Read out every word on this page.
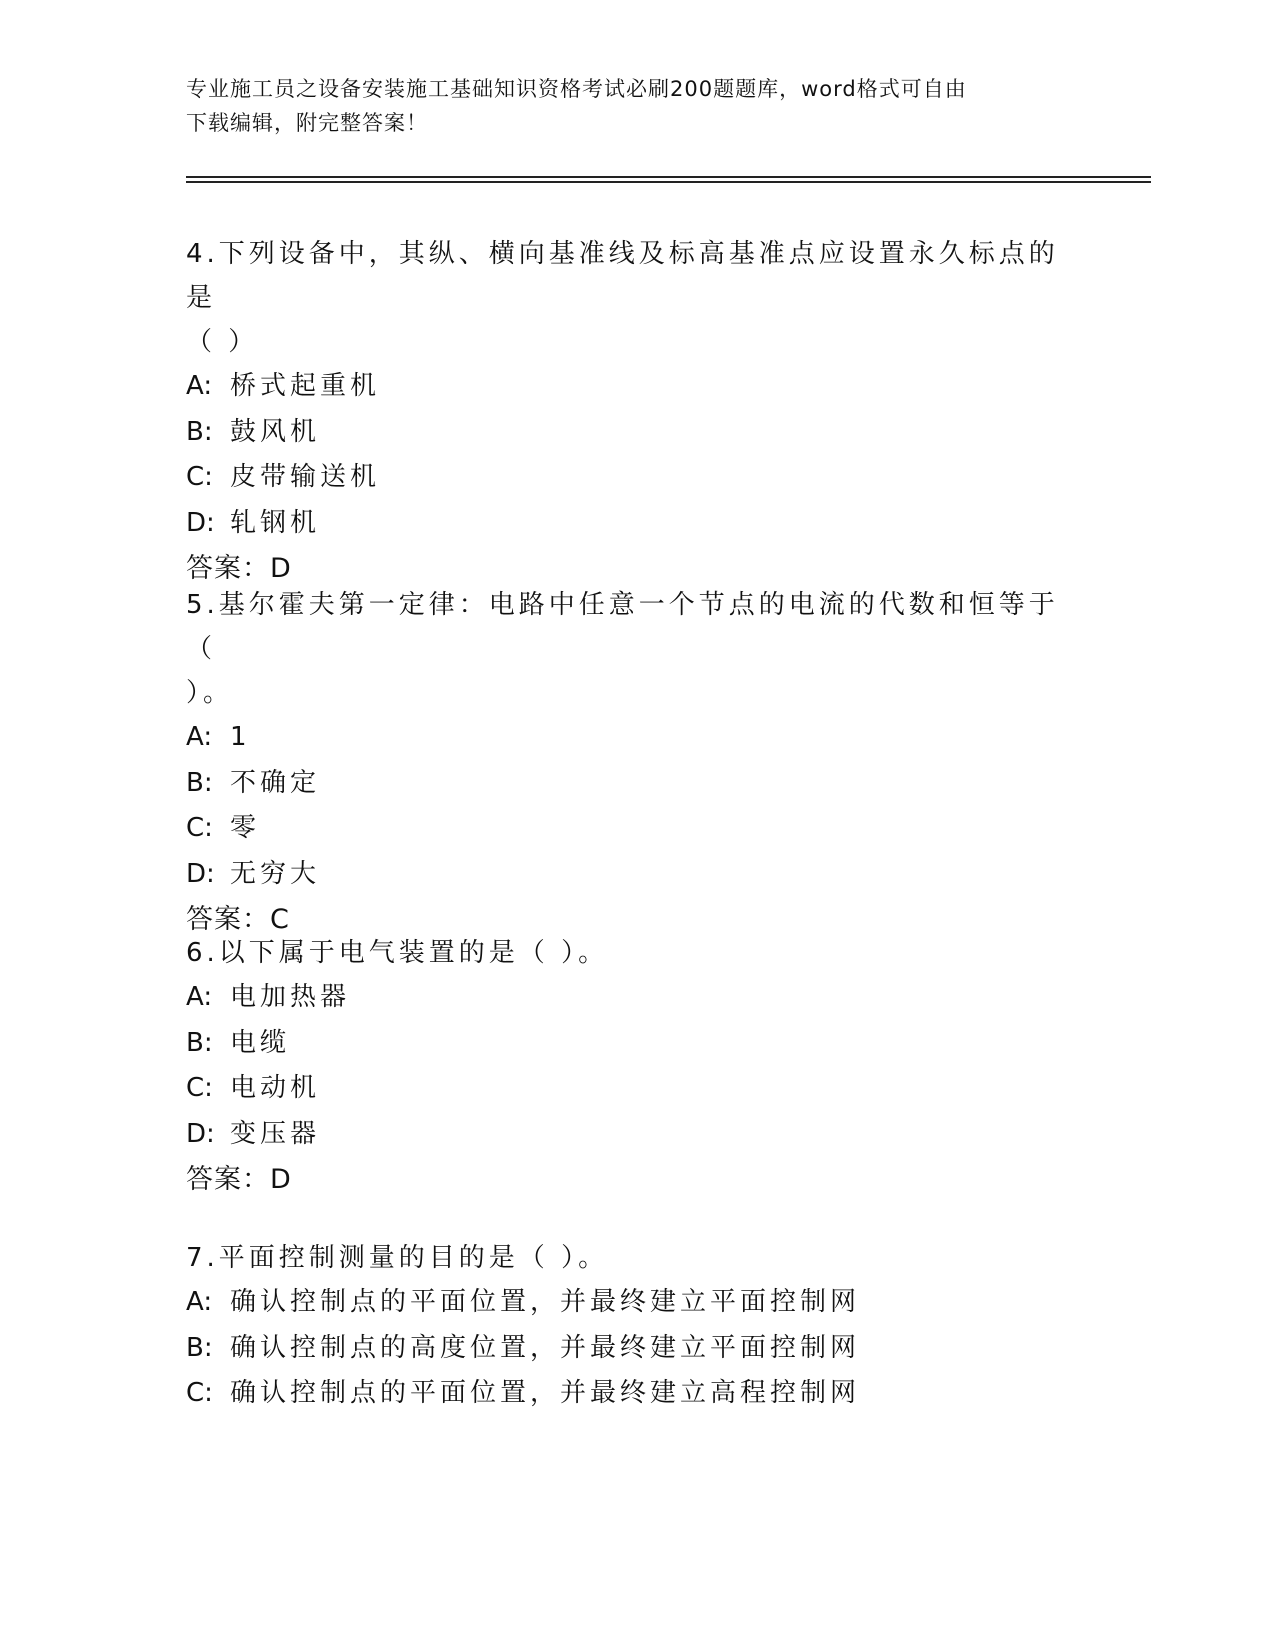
专业施工员之设备安装施工基础知识资格考试必刷200题题库，word格式可自由
下载编辑，附完整答案！
4.下列设备中，其纵、横向基准线及标高基准点应设置永久标点的是
（ ）
A: 桥式起重机
B: 鼓风机
C: 皮带输送机
D: 轧钢机
答案：D
5.基尔霍夫第一定律：电路中任意一个节点的电流的代数和恒等于（
）。
A: 1
B: 不确定
C: 零
D: 无穷大
答案：C
6.以下属于电气装置的是（ ）。
A: 电加热器
B: 电缆
C: 电动机
D: 变压器
答案：D
7.平面控制测量的目的是（ ）。
A: 确认控制点的平面位置，并最终建立平面控制网
B: 确认控制点的高度位置，并最终建立平面控制网
C: 确认控制点的平面位置，并最终建立高程控制网
